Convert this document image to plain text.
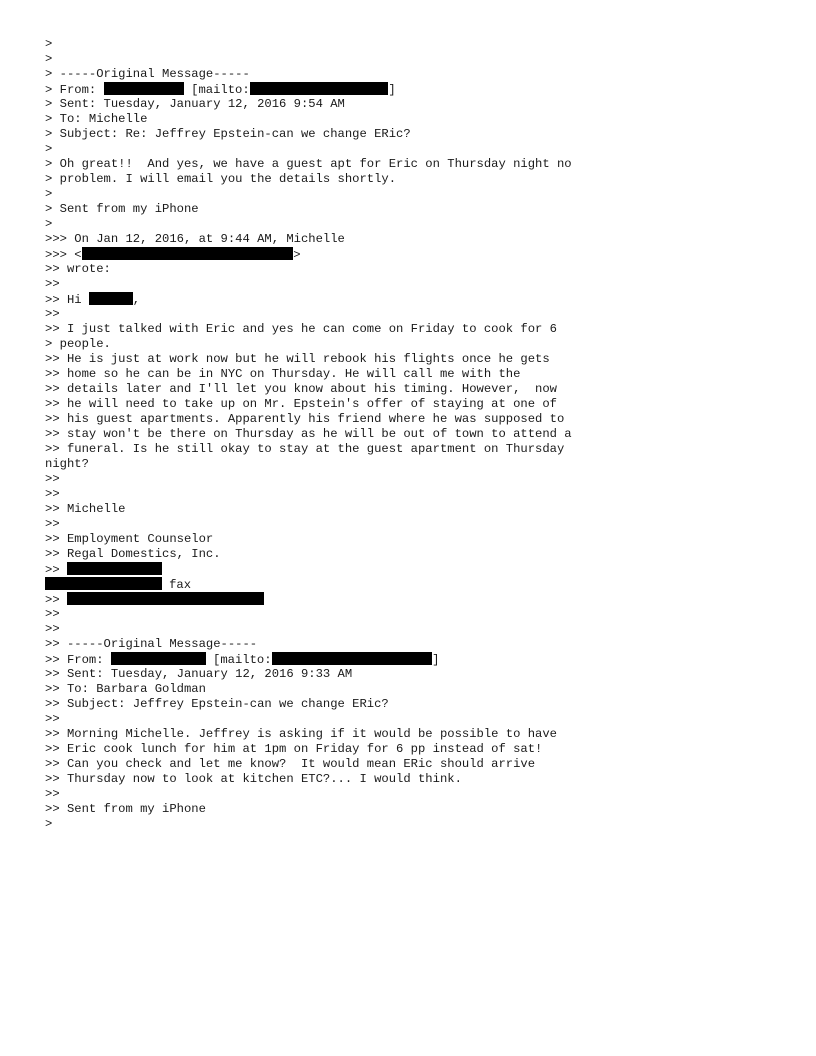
>
>
> -----Original Message-----
> From:	[mailto:	]
> Sent: Tuesday, January 12, 2016 9:54 AM
> To: Michelle
> Subject: Re: Jeffrey Epstein-can we change ERic?
>
> Oh great!!  And yes, we have a guest apt for Eric on Thursday night no
> problem. I will email you the details shortly.
>
> Sent from my iPhone
>
>>> On Jan 12, 2016, at 9:44 AM, Michelle
>>> <	>
>> wrote:
>>
>> Hi	,
>>
>> I just talked with Eric and yes he can come on Friday to cook for 6
> people.
>> He is just at work now but he will rebook his flights once he gets
>> home so he can be in NYC on Thursday. He will call me with the
>> details later and I'll let you know about his timing. However,  now
>> he will need to take up on Mr. Epstein's offer of staying at one of
>> his guest apartments. Apparently his friend where he was supposed to
>> stay won't be there on Thursday as he will be out of town to attend a
>> funeral. Is he still okay to stay at the guest apartment on Thursday
night?
>>
>>
>> Michelle
>>
>> Employment Counselor
>> Regal Domestics, Inc.
>>
fax
>>
>>
>>
>> -----Original Message-----
>> From:	[mailto:	]
>> Sent: Tuesday, January 12, 2016 9:33 AM
>> To: Barbara Goldman
>> Subject: Jeffrey Epstein-can we change ERic?
>>
>> Morning Michelle. Jeffrey is asking if it would be possible to have
>> Eric cook lunch for him at 1pm on Friday for 6 pp instead of sat!
>> Can you check and let me know?  It would mean ERic should arrive
>> Thursday now to look at kitchen ETC?... I would think.
>>
>> Sent from my iPhone
>
